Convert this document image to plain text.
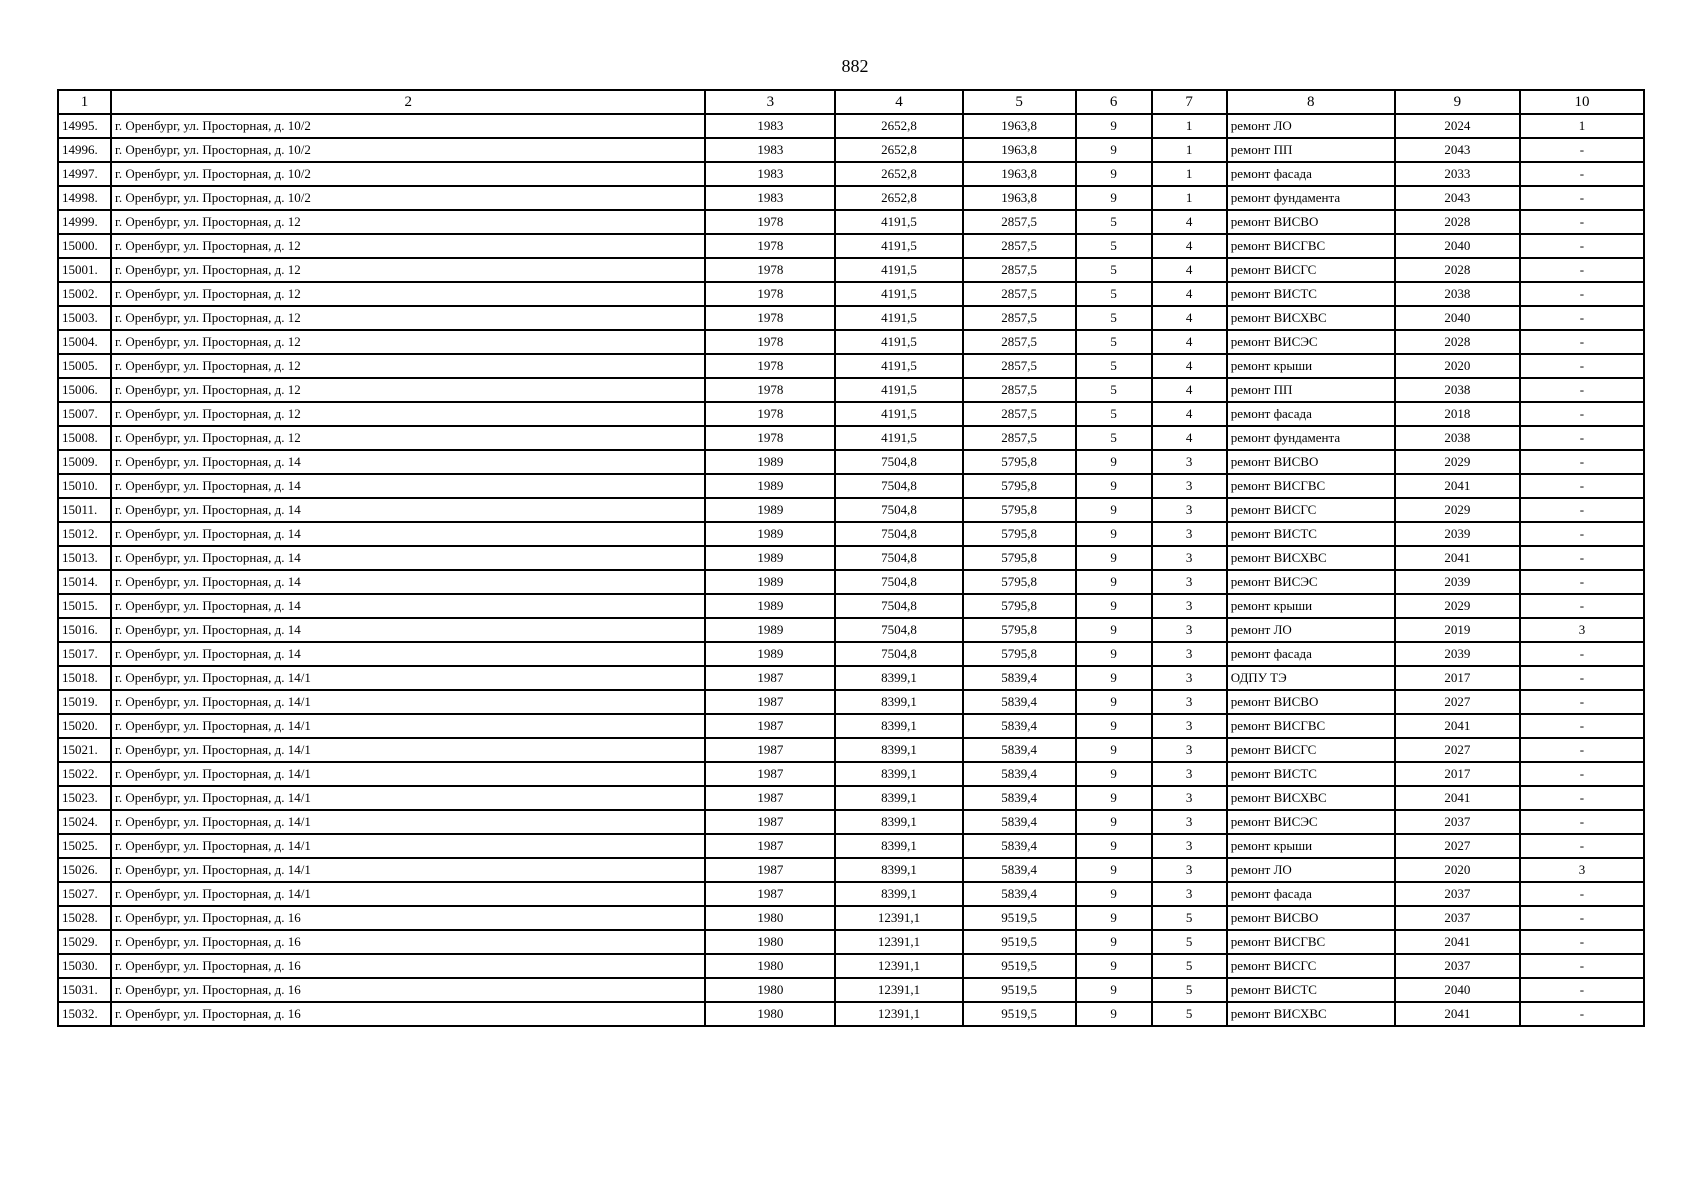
882
1	2	3	4	5	6	7	8	9	10
14995.	г. Оренбург, ул. Просторная, д. 10/2	1983	2652,8	1963,8	9	1	ремонт ЛО	2024	1
14996.	г. Оренбург, ул. Просторная, д. 10/2	1983	2652,8	1963,8	9	1	ремонт ПП	2043	-
14997.	г. Оренбург, ул. Просторная, д. 10/2	1983	2652,8	1963,8	9	1	ремонт фасада	2033	-
14998.	г. Оренбург, ул. Просторная, д. 10/2	1983	2652,8	1963,8	9	1	ремонт фундамента	2043	-
14999.	г. Оренбург, ул. Просторная, д. 12	1978	4191,5	2857,5	5	4	ремонт ВИСВО	2028	-
15000.	г. Оренбург, ул. Просторная, д. 12	1978	4191,5	2857,5	5	4	ремонт ВИСГВС	2040	-
15001.	г. Оренбург, ул. Просторная, д. 12	1978	4191,5	2857,5	5	4	ремонт ВИСГС	2028	-
15002.	г. Оренбург, ул. Просторная, д. 12	1978	4191,5	2857,5	5	4	ремонт ВИСТС	2038	-
15003.	г. Оренбург, ул. Просторная, д. 12	1978	4191,5	2857,5	5	4	ремонт ВИСХВС	2040	-
15004.	г. Оренбург, ул. Просторная, д. 12	1978	4191,5	2857,5	5	4	ремонт ВИСЭС	2028	-
15005.	г. Оренбург, ул. Просторная, д. 12	1978	4191,5	2857,5	5	4	ремонт крыши	2020	-
15006.	г. Оренбург, ул. Просторная, д. 12	1978	4191,5	2857,5	5	4	ремонт ПП	2038	-
15007.	г. Оренбург, ул. Просторная, д. 12	1978	4191,5	2857,5	5	4	ремонт фасада	2018	-
15008.	г. Оренбург, ул. Просторная, д. 12	1978	4191,5	2857,5	5	4	ремонт фундамента	2038	-
15009.	г. Оренбург, ул. Просторная, д. 14	1989	7504,8	5795,8	9	3	ремонт ВИСВО	2029	-
15010.	г. Оренбург, ул. Просторная, д. 14	1989	7504,8	5795,8	9	3	ремонт ВИСГВС	2041	-
15011.	г. Оренбург, ул. Просторная, д. 14	1989	7504,8	5795,8	9	3	ремонт ВИСГС	2029	-
15012.	г. Оренбург, ул. Просторная, д. 14	1989	7504,8	5795,8	9	3	ремонт ВИСТС	2039	-
15013.	г. Оренбург, ул. Просторная, д. 14	1989	7504,8	5795,8	9	3	ремонт ВИСХВС	2041	-
15014.	г. Оренбург, ул. Просторная, д. 14	1989	7504,8	5795,8	9	3	ремонт ВИСЭС	2039	-
15015.	г. Оренбург, ул. Просторная, д. 14	1989	7504,8	5795,8	9	3	ремонт крыши	2029	-
15016.	г. Оренбург, ул. Просторная, д. 14	1989	7504,8	5795,8	9	3	ремонт ЛО	2019	3
15017.	г. Оренбург, ул. Просторная, д. 14	1989	7504,8	5795,8	9	3	ремонт фасада	2039	-
15018.	г. Оренбург, ул. Просторная, д. 14/1	1987	8399,1	5839,4	9	3	ОДПУ ТЭ	2017	-
15019.	г. Оренбург, ул. Просторная, д. 14/1	1987	8399,1	5839,4	9	3	ремонт ВИСВО	2027	-
15020.	г. Оренбург, ул. Просторная, д. 14/1	1987	8399,1	5839,4	9	3	ремонт ВИСГВС	2041	-
15021.	г. Оренбург, ул. Просторная, д. 14/1	1987	8399,1	5839,4	9	3	ремонт ВИСГС	2027	-
15022.	г. Оренбург, ул. Просторная, д. 14/1	1987	8399,1	5839,4	9	3	ремонт ВИСТС	2017	-
15023.	г. Оренбург, ул. Просторная, д. 14/1	1987	8399,1	5839,4	9	3	ремонт ВИСХВС	2041	-
15024.	г. Оренбург, ул. Просторная, д. 14/1	1987	8399,1	5839,4	9	3	ремонт ВИСЭС	2037	-
15025.	г. Оренбург, ул. Просторная, д. 14/1	1987	8399,1	5839,4	9	3	ремонт крыши	2027	-
15026.	г. Оренбург, ул. Просторная, д. 14/1	1987	8399,1	5839,4	9	3	ремонт ЛО	2020	3
15027.	г. Оренбург, ул. Просторная, д. 14/1	1987	8399,1	5839,4	9	3	ремонт фасада	2037	-
15028.	г. Оренбург, ул. Просторная, д. 16	1980	12391,1	9519,5	9	5	ремонт ВИСВО	2037	-
15029.	г. Оренбург, ул. Просторная, д. 16	1980	12391,1	9519,5	9	5	ремонт ВИСГВС	2041	-
15030.	г. Оренбург, ул. Просторная, д. 16	1980	12391,1	9519,5	9	5	ремонт ВИСГС	2037	-
15031.	г. Оренбург, ул. Просторная, д. 16	1980	12391,1	9519,5	9	5	ремонт ВИСТС	2040	-
15032.	г. Оренбург, ул. Просторная, д. 16	1980	12391,1	9519,5	9	5	ремонт ВИСХВС	2041	-
